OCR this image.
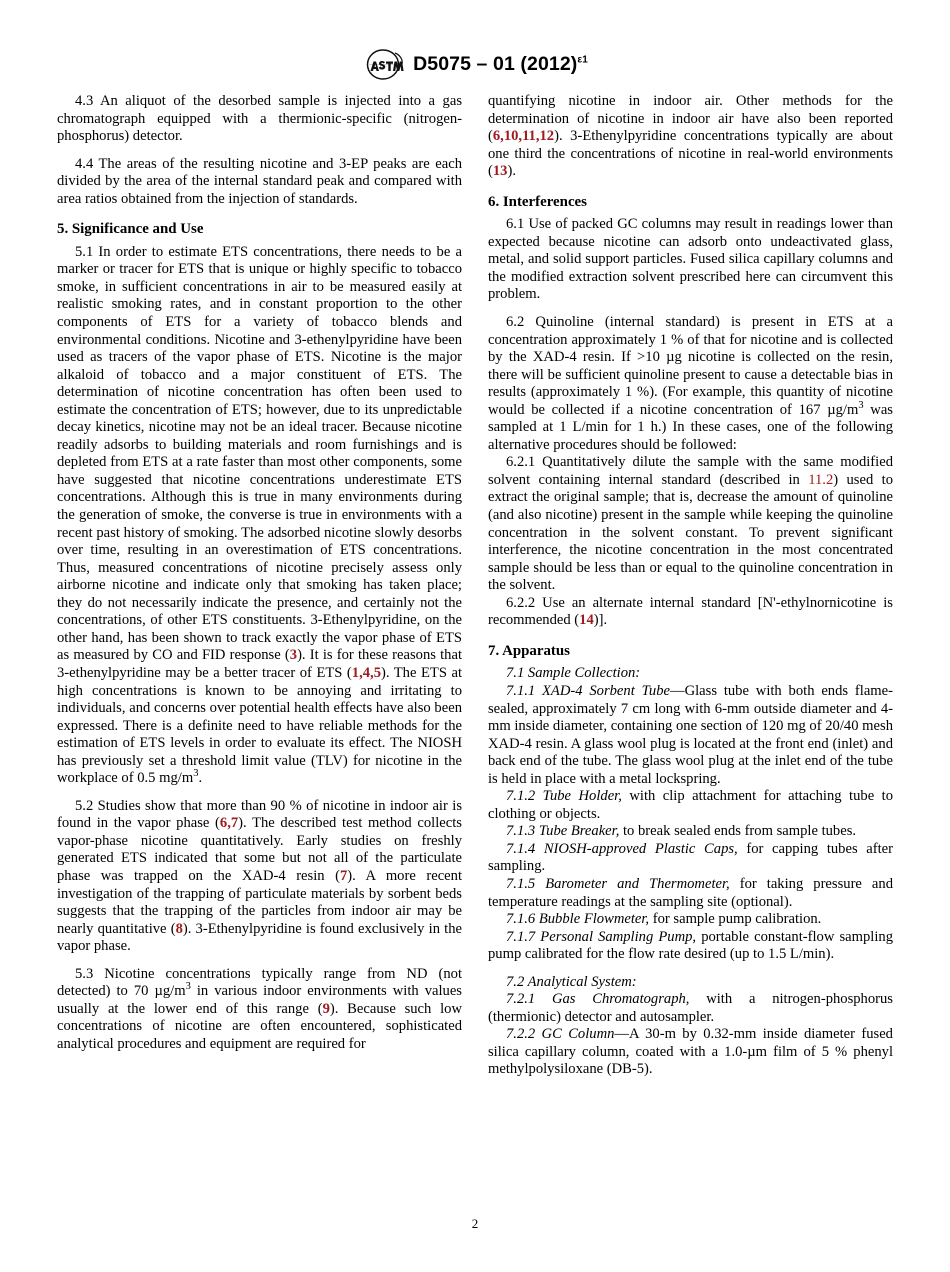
D5075 – 01 $(2012)^{\varepsilon 1}$

4.3 An aliquot of the desorbed sample is injected into a gas chromatograph equipped with a thermionic-specific (nitrogen-phosphorus) detector.

4.4 The areas of the resulting nicotine and 3-EP peaks are each divided by the area of the internal standard peak and compared with area ratios obtained from the injection of standards.

5. Significance and Use

5.1 In order to estimate ETS concentrations, there needs to be a marker or tracer for ETS that is unique or highly specific to tobacco smoke, in sufficient concentrations in air to be measured easily at realistic smoking rates, and in constant proportion to the other components of ETS for a variety of tobacco blends and environmental conditions. Nicotine and 3-ethenylpyridine have been used as tracers of the vapor phase of ETS. Nicotine is the major alkaloid of tobacco and a major constituent of ETS. The determination of nicotine concentration has often been used to estimate the concentration of ETS; however, due to its unpredictable decay kinetics, nicotine may not be an ideal tracer. Because nicotine readily adsorbs to building materials and room furnishings and is depleted from ETS at a rate faster than most other components, some have suggested that nicotine concentrations underestimate ETS concentrations. Although this is true in many environments during the generation of smoke, the converse is true in environments with a recent past history of smoking. The adsorbed nicotine slowly desorbs over time, resulting in an overestimation of ETS concentrations. Thus, measured concentrations of nicotine precisely assess only airborne nicotine and indicate only that smoking has taken place; they do not necessarily indicate the presence, and certainly not the concentrations, of other ETS constituents. 3-Ethenylpyridine, on the other hand, has been shown to track exactly the vapor phase of ETS as measured by CO and FID response (3). It is for these reasons that 3-ethenylpyridine may be a better tracer of ETS (1,4,5). The ETS at high concentrations is known to be annoying and irritating to individuals, and concerns over potential health effects have also been expressed. There is a definite need to have reliable methods for the estimation of ETS levels in order to evaluate its effect. The NIOSH has previously set a threshold limit value (TLV) for nicotine in the workplace of 0.5 $mg/m^3$.

5.2 Studies show that more than 90 % of nicotine in indoor air is found in the vapor phase (6,7). The described test method collects vapor-phase nicotine quantitatively. Early studies on freshly generated ETS indicated that some but not all of the particulate phase was trapped on the XAD-4 resin (7). A more recent investigation of the trapping of particulate materials by sorbent beds suggests that the trapping of the particles from indoor air may be nearly quantitative (8). 3-Ethenylpyridine is found exclusively in the vapor phase.

5.3 Nicotine concentrations typically range from ND (not detected) to 70 $\mu g/m^3$ in various indoor environments with values usually at the lower end of this range (9). Because such low concentrations of nicotine are often encountered, sophisticated analytical procedures and equipment are required for

quantifying nicotine in indoor air. Other methods for the determination of nicotine in indoor air have also been reported (6,10,11,12). 3-Ethenylpyridine concentrations typically are about one third the concentrations of nicotine in real-world environments (13).

6. Interferences

6.1 Use of packed GC columns may result in readings lower than expected because nicotine can adsorb onto undeactivated glass, metal, and solid support particles. Fused silica capillary columns and the modified extraction solvent prescribed here can circumvent this problem.

6.2 Quinoline (internal standard) is present in ETS at a concentration approximately 1 % of that for nicotine and is collected by the XAD-4 resin. If >10 µg nicotine is collected on the resin, there will be sufficient quinoline present to cause a detectable bias in results (approximately 1 %). (For example, this quantity of nicotine would be collected if a nicotine concentration of 167 $\mu g/m^3$ was sampled at 1 L/min for 1 h.) In these cases, one of the following alternative procedures should be followed:

6.2.1 Quantitatively dilute the sample with the same modified solvent containing internal standard (described in 11.2) used to extract the original sample; that is, decrease the amount of quinoline (and also nicotine) present in the sample while keeping the quinoline concentration in the solvent constant. To prevent significant interference, the nicotine concentration in the most concentrated sample should be less than or equal to the quinoline concentration in the solvent.

6.2.2 Use an alternate internal standard [N'-ethylnornicotine is recommended (14)].

7. Apparatus

7.1 Sample Collection:

7.1.1 XAD-4 Sorbent Tube—Glass tube with both ends flame-sealed, approximately 7 cm long with 6-mm outside diameter and 4-mm inside diameter, containing one section of 120 mg of 20/40 mesh XAD-4 resin. A glass wool plug is located at the front end (inlet) and back end of the tube. The glass wool plug at the inlet end of the tube is held in place with a metal lockspring.

7.1.2 Tube Holder, with clip attachment for attaching tube to clothing or objects.

7.1.3 Tube Breaker, to break sealed ends from sample tubes.

7.1.4 NIOSH-approved Plastic Caps, for capping tubes after sampling.

7.1.5 Barometer and Thermometer, for taking pressure and temperature readings at the sampling site (optional).

7.1.6 Bubble Flowmeter, for sample pump calibration.

7.1.7 Personal Sampling Pump, portable constant-flow sampling pump calibrated for the flow rate desired (up to 1.5 L/min).

7.2 Analytical System:

7.2.1 Gas Chromatograph, with a nitrogen-phosphorus (thermionic) detector and autosampler.

7.2.2 GC Column—A 30-m by 0.32-mm inside diameter fused silica capillary column, coated with a 1.0-µm film of 5 % phenyl methylpolysiloxane (DB-5).

2
